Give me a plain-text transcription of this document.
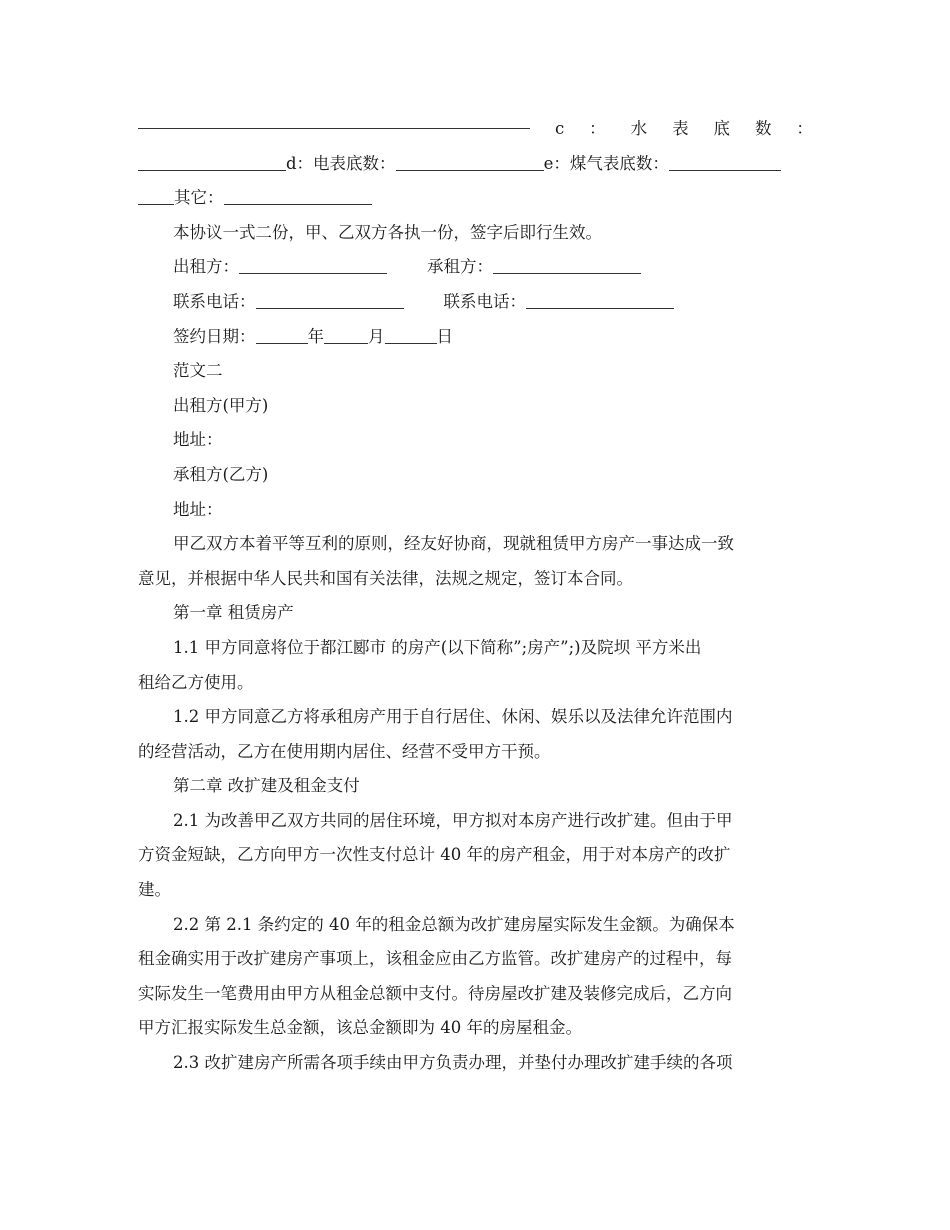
c ： 水 表 底 数 ：
d：电表底数：	e：煤气表底数：
其它：
本协议一式二份，甲、乙双方各执一份，签字后即行生效。
出租方：	承租方：
联系电话：	联系电话：
签约日期：	年	月	日
范文二
出租方(甲方)
地址：
承租方(乙方)
地址：
甲乙双方本着平等互利的原则，经友好协商，现就租赁甲方房产一事达成一致
意见，并根据中华人民共和国有关法律，法规之规定，签订本合同。
第一章 租赁房产
1.1 甲方同意将位于都江郾市 的房产(以下简称”;房产”;)及院坝 平方米出
租给乙方使用。
1.2 甲方同意乙方将承租房产用于自行居住、休闲、娱乐以及法律允许范围内
的经营活动，乙方在使用期内居住、经营不受甲方干预。
第二章 改扩建及租金支付
2.1 为改善甲乙双方共同的居住环境，甲方拟对本房产进行改扩建。但由于甲
方资金短缺，乙方向甲方一次性支付总计 40 年的房产租金，用于对本房产的改扩
建。
2.2 第 2.1 条约定的 40 年的租金总额为改扩建房屋实际发生金额。为确保本
租金确实用于改扩建房产事项上，该租金应由乙方监管。改扩建房产的过程中，每
实际发生一笔费用由甲方从租金总额中支付。待房屋改扩建及装修完成后，乙方向
甲方汇报实际发生总金额，该总金额即为 40 年的房屋租金。
2.3 改扩建房产所需各项手续由甲方负责办理，并垫付办理改扩建手续的各项
